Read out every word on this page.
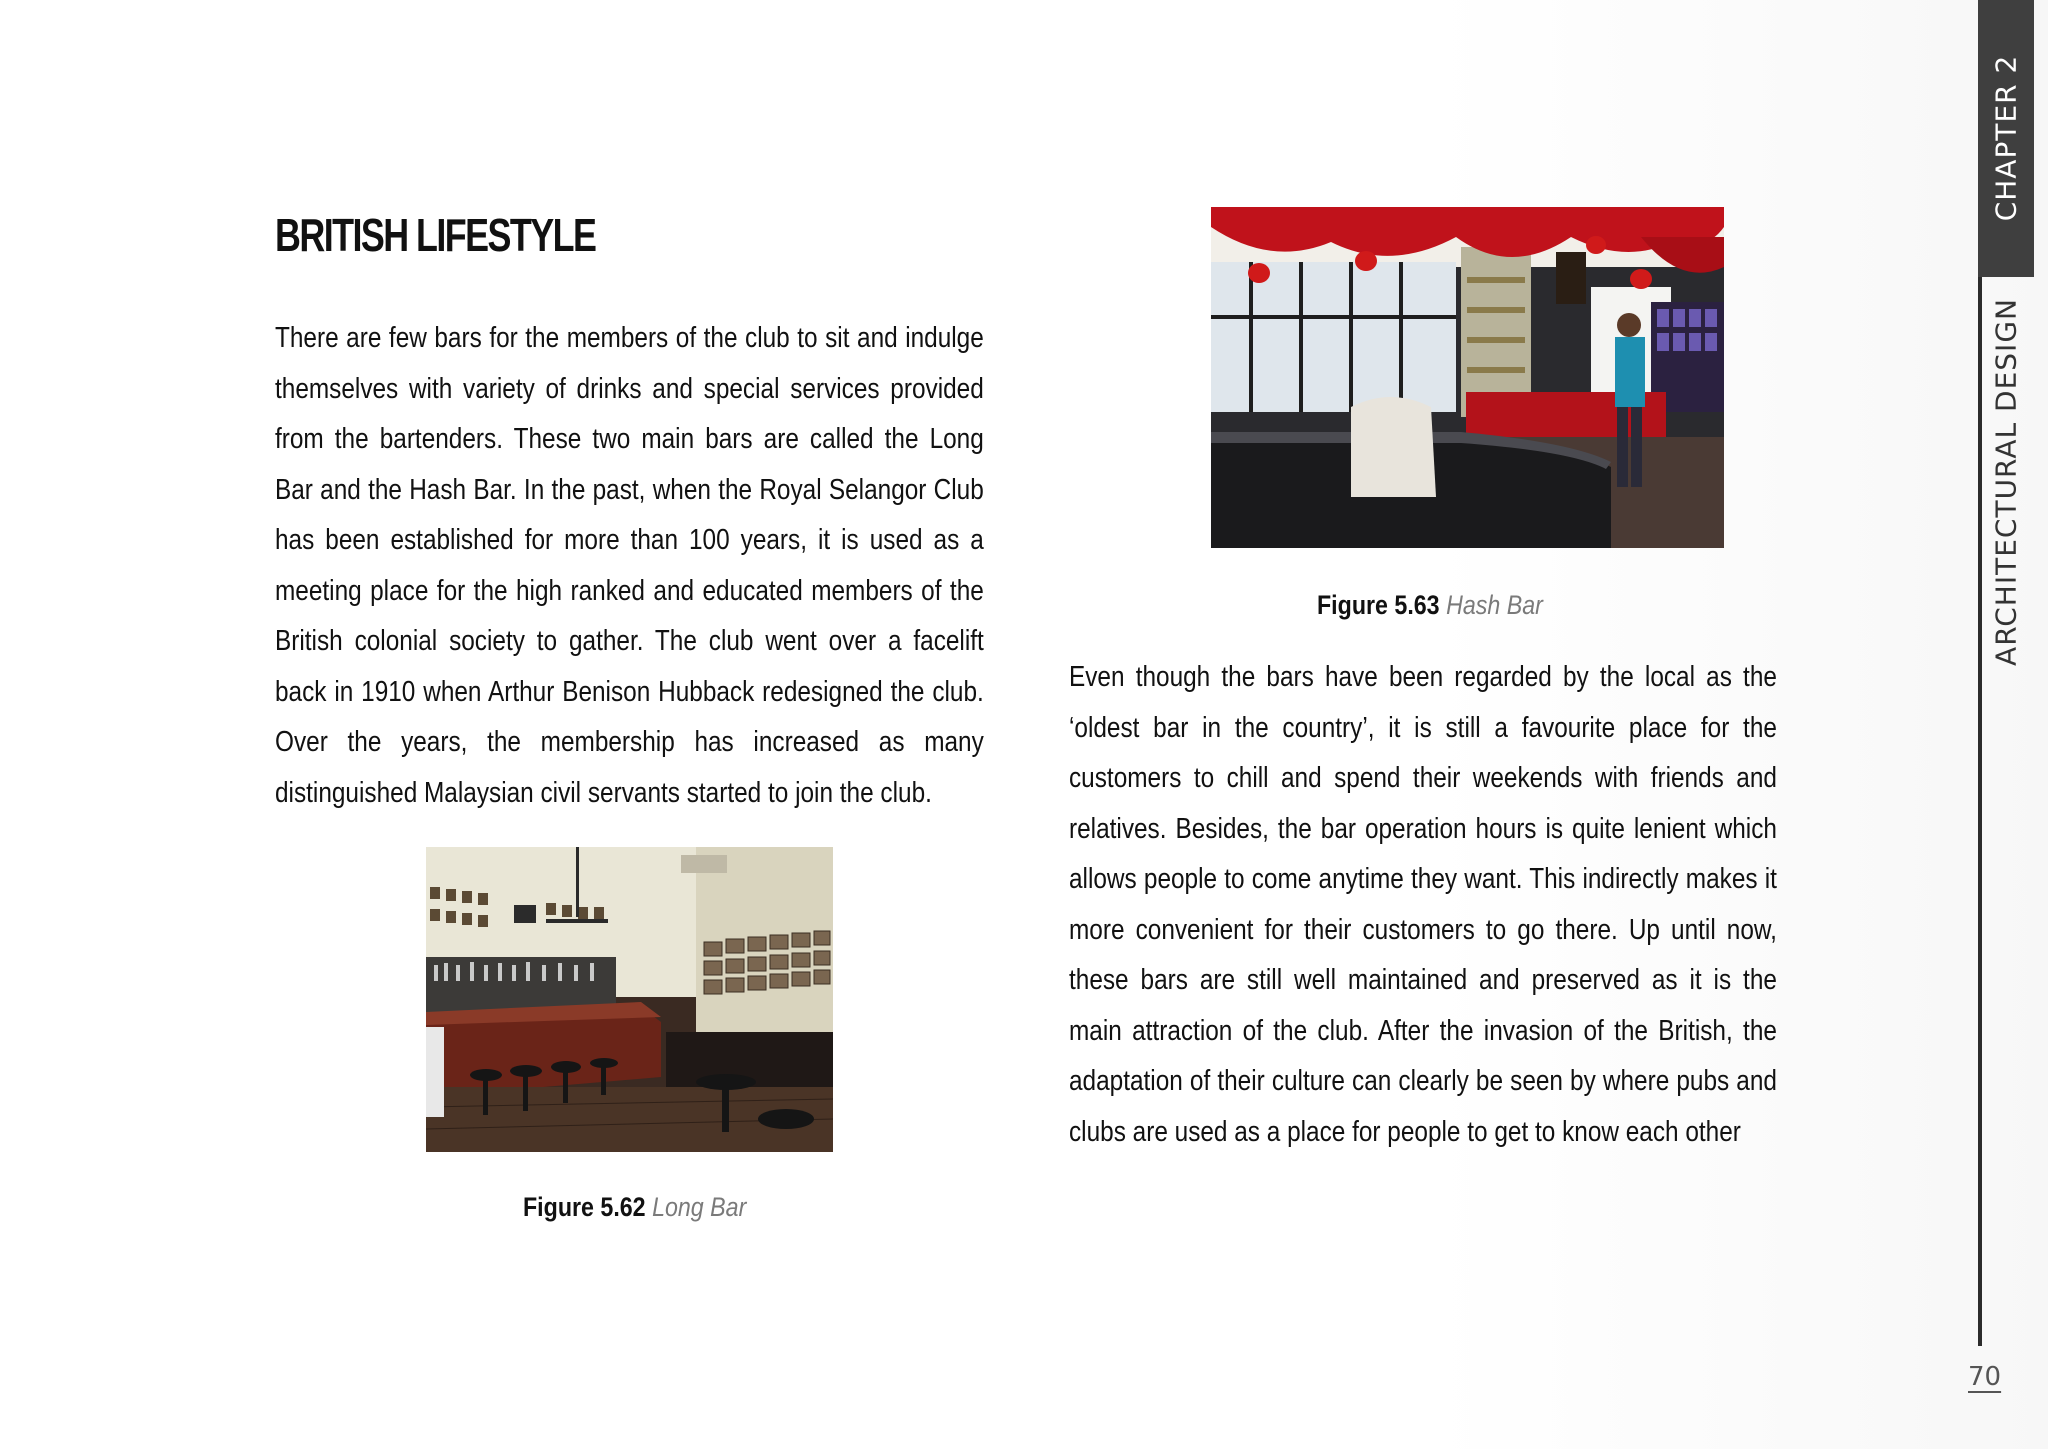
BRITISH LIFESTYLE

There are few bars for the members of the club to sit and indulge themselves with variety of drinks and special services provided from the bartenders. These two main bars are called the Long Bar and the Hash Bar. In the past, when the Royal Selangor Club has been established for more than 100 years, it is used as a meeting place for the high ranked and educated members of the British colonial society to gather. The club went over a facelift back in 1910 when Arthur Benison Hubback redesigned the club. Over the years, the membership has increased as many distinguished Malaysian civil servants started to join the club.

Figure 5.62 Long Bar
Figure 5.63 Hash Bar

Even though the bars have been regarded by the local as the ‘oldest bar in the country’, it is still a favourite place for the customers to chill and spend their weekends with friends and relatives. Besides, the bar operation hours is quite lenient which allows people to come anytime they want. This indirectly makes it more convenient for their customers to go there. Up until now, these bars are still well maintained and preserved as it is the main attraction of the club. After the invasion of the British, the adaptation of their culture can clearly be seen by where pubs and clubs are used as a place for people to get to know each other

CHAPTER 2
ARCHITECTURAL DESIGN
70
